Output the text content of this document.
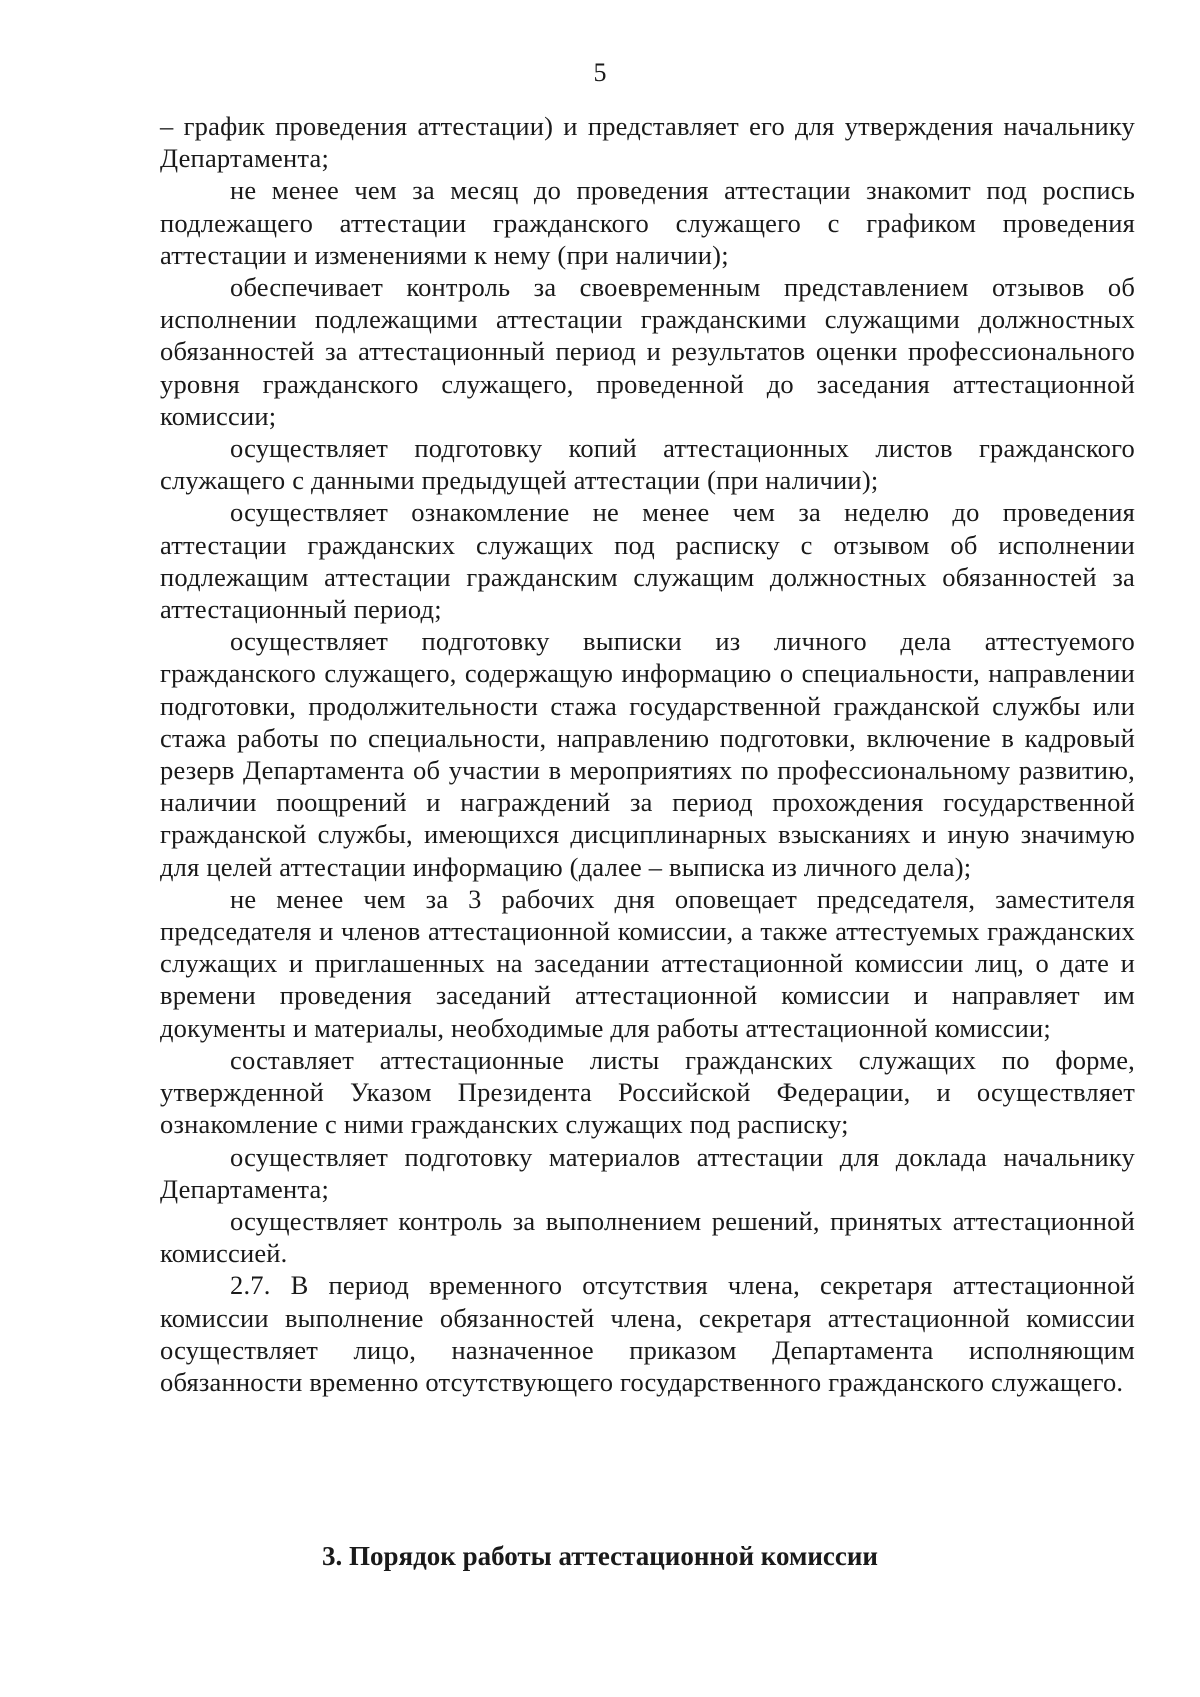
5

– график проведения аттестации) и представляет его для утверждения начальнику Департамента;

не менее чем за месяц до проведения аттестации знакомит под роспись подлежащего аттестации гражданского служащего с графиком проведения аттестации и изменениями к нему (при наличии);

обеспечивает контроль за своевременным представлением отзывов об исполнении подлежащими аттестации гражданскими служащими должностных обязанностей за аттестационный период и результатов оценки профессионального уровня гражданского служащего, проведенной до заседания аттестационной комиссии;

осуществляет подготовку копий аттестационных листов гражданского служащего с данными предыдущей аттестации (при наличии);

осуществляет ознакомление не менее чем за неделю до проведения аттестации гражданских служащих под расписку с отзывом об исполнении подлежащим аттестации гражданским служащим должностных обязанностей за аттестационный период;

осуществляет подготовку выписки из личного дела аттестуемого гражданского служащего, содержащую информацию о специальности, направлении подготовки, продолжительности стажа государственной гражданской службы или стажа работы по специальности, направлению подготовки, включение в кадровый резерв Департамента об участии в мероприятиях по профессиональному развитию, наличии поощрений и награждений за период прохождения государственной гражданской службы, имеющихся дисциплинарных взысканиях и иную значимую для целей аттестации информацию (далее – выписка из личного дела);

не менее чем за 3 рабочих дня оповещает председателя, заместителя председателя и членов аттестационной комиссии, а также аттестуемых гражданских служащих и приглашенных на заседании аттестационной комиссии лиц, о дате и времени проведения заседаний аттестационной комиссии и направляет им документы и материалы, необходимые для работы аттестационной комиссии;

составляет аттестационные листы гражданских служащих по форме, утвержденной Указом Президента Российской Федерации, и осуществляет ознакомление с ними гражданских служащих под расписку;

осуществляет подготовку материалов аттестации для доклада начальнику Департамента;

осуществляет контроль за выполнением решений, принятых аттестационной комиссией.

2.7. В период временного отсутствия члена, секретаря аттестационной комиссии выполнение обязанностей члена, секретаря аттестационной комиссии осуществляет лицо, назначенное приказом Департамента исполняющим обязанности временно отсутствующего государственного гражданского служащего.

3. Порядок работы аттестационной комиссии
